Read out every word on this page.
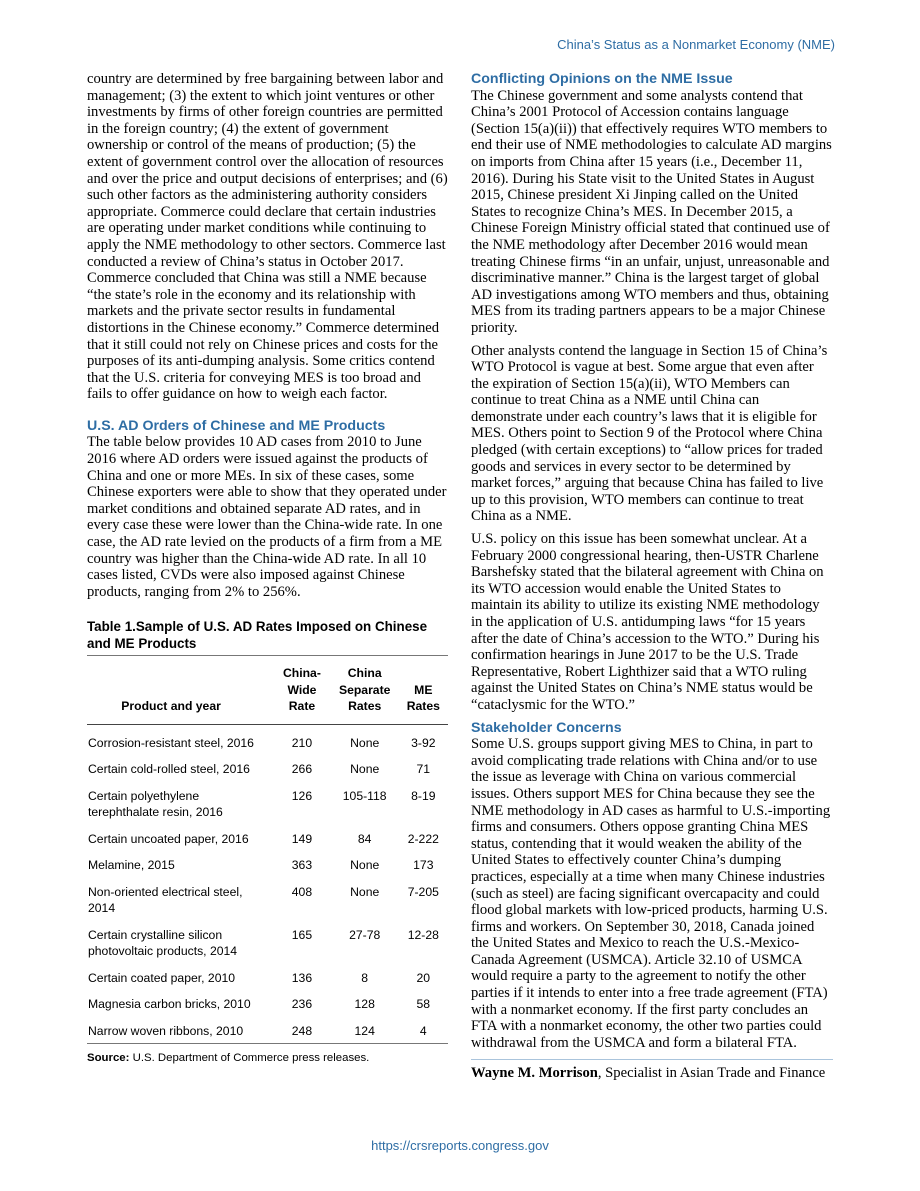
China’s Status as a Nonmarket Economy (NME)

country are determined by free bargaining between labor and management; (3) the extent to which joint ventures or other investments by firms of other foreign countries are permitted in the foreign country; (4) the extent of government ownership or control of the means of production; (5) the extent of government control over the allocation of resources and over the price and output decisions of enterprises; and (6) such other factors as the administering authority considers appropriate. Commerce could declare that certain industries are operating under market conditions while continuing to apply the NME methodology to other sectors. Commerce last conducted a review of China’s status in October 2017. Commerce concluded that China was still a NME because “the state’s role in the economy and its relationship with markets and the private sector results in fundamental distortions in the Chinese economy.” Commerce determined that it still could not rely on Chinese prices and costs for the purposes of its anti-dumping analysis. Some critics contend that the U.S. criteria for conveying MES is too broad and fails to offer guidance on how to weigh each factor.

U.S. AD Orders of Chinese and ME Products

The table below provides 10 AD cases from 2010 to June 2016 where AD orders were issued against the products of China and one or more MEs. In six of these cases, some Chinese exporters were able to show that they operated under market conditions and obtained separate AD rates, and in every case these were lower than the China-wide rate. In one case, the AD rate levied on the products of a firm from a ME country was higher than the China-wide AD rate. In all 10 cases listed, CVDs were also imposed against Chinese products, ranging from 2% to 256%.

Table 1.Sample of U.S. AD Rates Imposed on Chinese and ME Products
Product and year	China-Wide Rate	China Separate Rates	ME Rates
Corrosion-resistant steel, 2016	210	None	3-92
Certain cold-rolled steel, 2016	266	None	71
Certain polyethylene terephthalate resin, 2016	126	105-118	8-19
Certain uncoated paper, 2016	149	84	2-222
Melamine, 2015	363	None	173
Non-oriented electrical steel, 2014	408	None	7-205
Certain crystalline silicon photovoltaic products, 2014	165	27-78	12-28
Certain coated paper, 2010	136	8	20
Magnesia carbon bricks, 2010	236	128	58
Narrow woven ribbons, 2010	248	124	4
Source: U.S. Department of Commerce press releases.
Conflicting Opinions on the NME Issue

The Chinese government and some analysts contend that China’s 2001 Protocol of Accession contains language (Section 15(a)(ii)) that effectively requires WTO members to end their use of NME methodologies to calculate AD margins on imports from China after 15 years (i.e., December 11, 2016). During his State visit to the United States in August 2015, Chinese president Xi Jinping called on the United States to recognize China’s MES. In December 2015, a Chinese Foreign Ministry official stated that continued use of the NME methodology after December 2016 would mean treating Chinese firms “in an unfair, unjust, unreasonable and discriminative manner.” China is the largest target of global AD investigations among WTO members and thus, obtaining MES from its trading partners appears to be a major Chinese priority.

Other analysts contend the language in Section 15 of China’s WTO Protocol is vague at best. Some argue that even after the expiration of Section 15(a)(ii), WTO Members can continue to treat China as a NME until China can demonstrate under each country’s laws that it is eligible for MES. Others point to Section 9 of the Protocol where China pledged (with certain exceptions) to “allow prices for traded goods and services in every sector to be determined by market forces,” arguing that because China has failed to live up to this provision, WTO members can continue to treat China as a NME.

U.S. policy on this issue has been somewhat unclear. At a February 2000 congressional hearing, then-USTR Charlene Barshefsky stated that the bilateral agreement with China on its WTO accession would enable the United States to maintain its ability to utilize its existing NME methodology in the application of U.S. antidumping laws “for 15 years after the date of China’s accession to the WTO.” During his confirmation hearings in June 2017 to be the U.S. Trade Representative, Robert Lighthizer said that a WTO ruling against the United States on China’s NME status would be “cataclysmic for the WTO.”

Stakeholder Concerns

Some U.S. groups support giving MES to China, in part to avoid complicating trade relations with China and/or to use the issue as leverage with China on various commercial issues. Others support MES for China because they see the NME methodology in AD cases as harmful to U.S.-importing firms and consumers. Others oppose granting China MES status, contending that it would weaken the ability of the United States to effectively counter China’s dumping practices, especially at a time when many Chinese industries (such as steel) are facing significant overcapacity and could flood global markets with low-priced products, harming U.S. firms and workers. On September 30, 2018, Canada joined the United States and Mexico to reach the U.S.-Mexico-Canada Agreement (USMCA). Article 32.10 of USMCA would require a party to the agreement to notify the other parties if it intends to enter into a free trade agreement (FTA) with a nonmarket economy. If the first party concludes an FTA with a nonmarket economy, the other two parties could withdrawal from the USMCA and form a bilateral FTA.

Wayne M. Morrison, Specialist in Asian Trade and Finance
https://crsreports.congress.gov
